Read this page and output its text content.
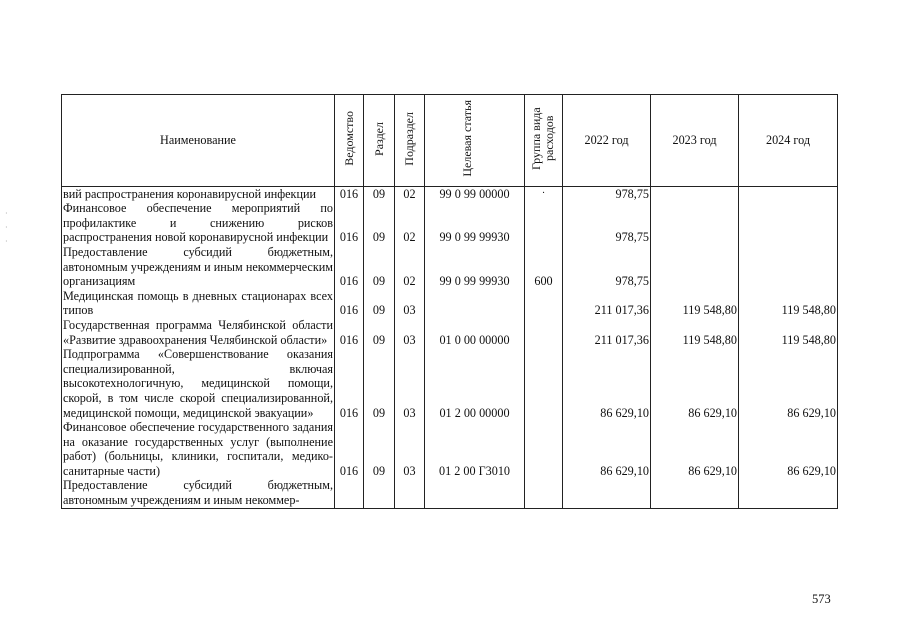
·

·

·
Наименование	Ведомство	Раздел	Подраздел	Целевая статья	Группа вида расходов	2022 год	2023 год	2024 год
вий распространения коронавирусной инфекции	016	09	02	99 0 99 00000	·	978,75		
Финансовое обеспечение мероприятий по профилактике и снижению рисков распространения новой коронавирусной инфекции	016	09	02	99 0 99 99930		978,75		
Предоставление субсидий бюджетным, автономным учреждениям и иным некоммерческим организациям	016	09	02	99 0 99 99930	600	978,75		
Медицинская помощь в дневных стационарах всех типов	016	09	03			211 017,36	119 548,80	119 548,80
Государственная программа Челябинской области «Развитие здравоохранения Челябинской области»	016	09	03	01 0 00 00000		211 017,36	119 548,80	119 548,80
Подпрограмма «Совершенствование оказания специализированной, включая высокотехнологичную, медицинской помощи, скорой, в том числе скорой специализированной, медицинской помощи, медицинской эвакуации»	016	09	03	01 2 00 00000		86 629,10	86 629,10	86 629,10
Финансовое обеспечение государственного задания на оказание государственных услуг (выполнение работ) (больницы, клиники, госпитали, медико-санитарные части)	016	09	03	01 2 00 Г3010		86 629,10	86 629,10	86 629,10
Предоставление субсидий бюджетным, автономным учреждениям и иным некоммер-								
573
